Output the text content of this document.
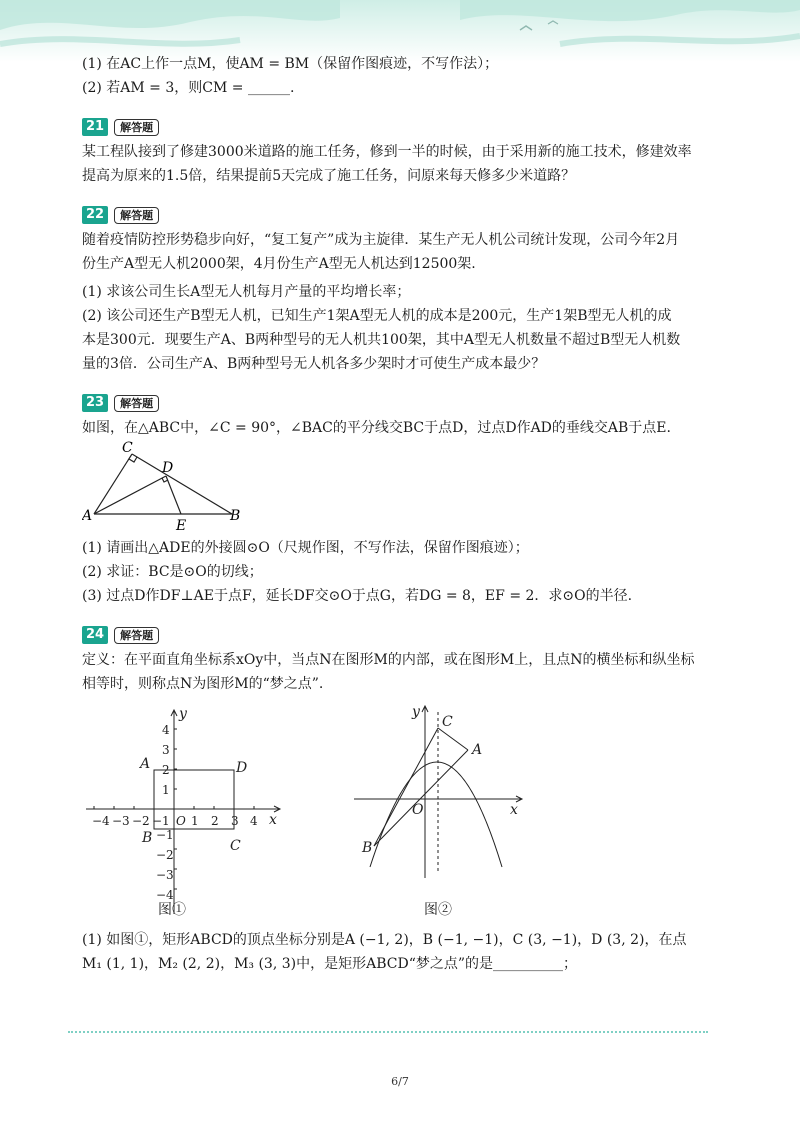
(1) 在AC上作一点M，使AM = BM（保留作图痕迹，不写作法）；
(2) 若AM = 3，则CM = ______.
21	解答题
某工程队接到了修建3000米道路的施工任务，修到一半的时候，由于采用新的施工技术，修建效率
提高为原来的1.5倍，结果提前5天完成了施工任务，问原来每天修多少米道路？
22	解答题
随着疫情防控形势稳步向好，“复工复产”成为主旋律．某生产无人机公司统计发现，公司今年2月
份生产A型无人机2000架，4月份生产A型无人机达到12500架.
(1) 求该公司生长A型无人机每月产量的平均增长率；
(2) 该公司还生产B型无人机，已知生产1架A型无人机的成本是200元，生产1架B型无人机的成
本是300元．现要生产A、B两种型号的无人机共100架，其中A型无人机数量不超过B型无人机数
量的3倍．公司生产A、B两种型号无人机各多少架时才可使生产成本最少？
23	解答题
如图，在△ABC中，∠C = 90°，∠BAC的平分线交BC于点D，过点D作AD的垂线交AB于点E.
C
D
A
E
B
(1) 请画出△ADE的外接圆⊙O（尺规作图，不写作法，保留作图痕迹）；
(2) 求证：BC是⊙O的切线；
(3) 过点D作DF⊥AE于点F，延长DF交⊙O于点G，若DG = 8，EF = 2．求⊙O的半径.
24	解答题
定义：在平面直角坐标系xOy中，当点N在图形M的内部，或在图形M上，且点N的横坐标和纵坐标
相等时，则称点N为图形M的“梦之点”.
−4 −3 −2 −1 O 1 2 3 4
4
3
2
1
−1
−2
−3
−4
x
y
A
B	C
D
图①
x
y
C
A
B
O
图②
(1) 如图①，矩形ABCD的顶点坐标分别是A (−1, 2)，B (−1, −1)，C (3, −1)，D (3, 2)，在点
M₁ (1, 1)，M₂ (2, 2)，M₃ (3, 3)中，是矩形ABCD“梦之点”的是__________；
6/7
